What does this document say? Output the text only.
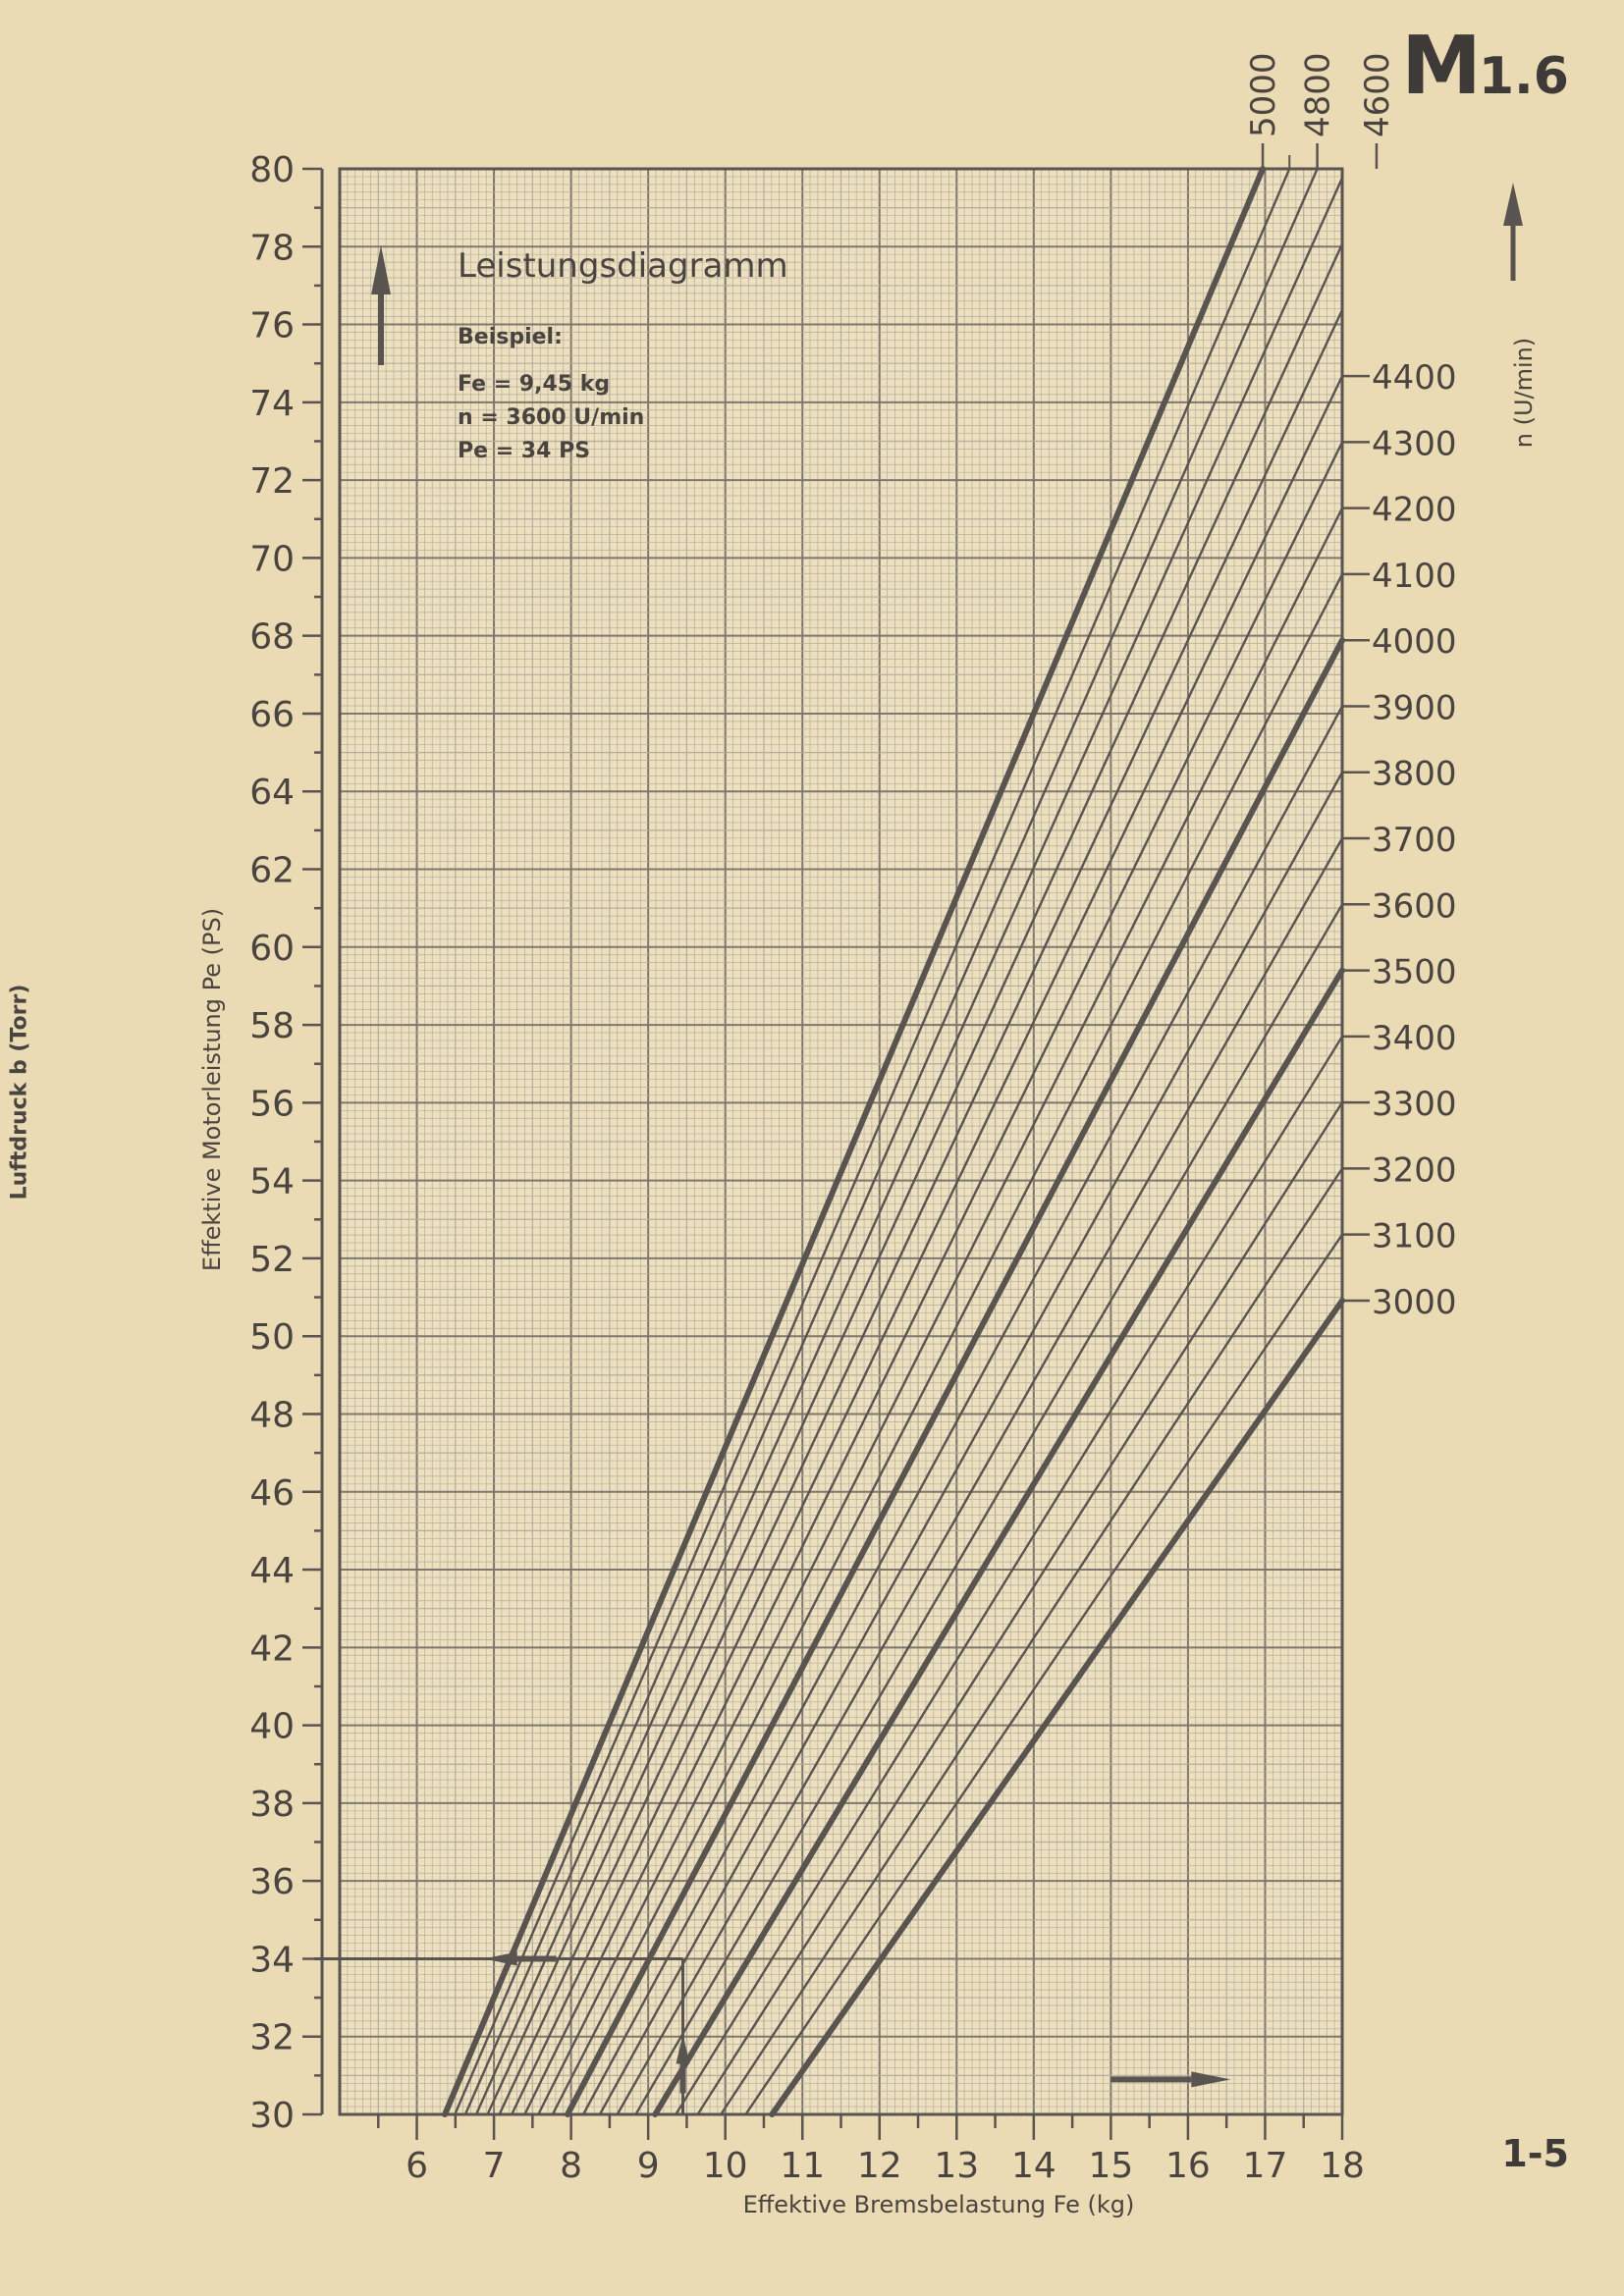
30
32
34
36
38
40
42
44
46
48
50
52
54
56
58
60
62
64
66
68
70
72
74
76
78
80
6 7 8 9 10 11 12 13 14 15 16 17 18
3000
3100
3200
3300
3400
3500
3600
3700
3800
3900
4000
4100
4200
4300
4400
4600
4800
5000
Leistungsdiagramm
Beispiel:
Fe = 9,45 kg
n = 3600 U/min
Pe = 34 PS
Effektive Bremsbelastung Fe (kg)
Effektive Motorleistung Pe (PS)
n (U/min)
M1.6
1-5
Luftdruck b (Torr)
